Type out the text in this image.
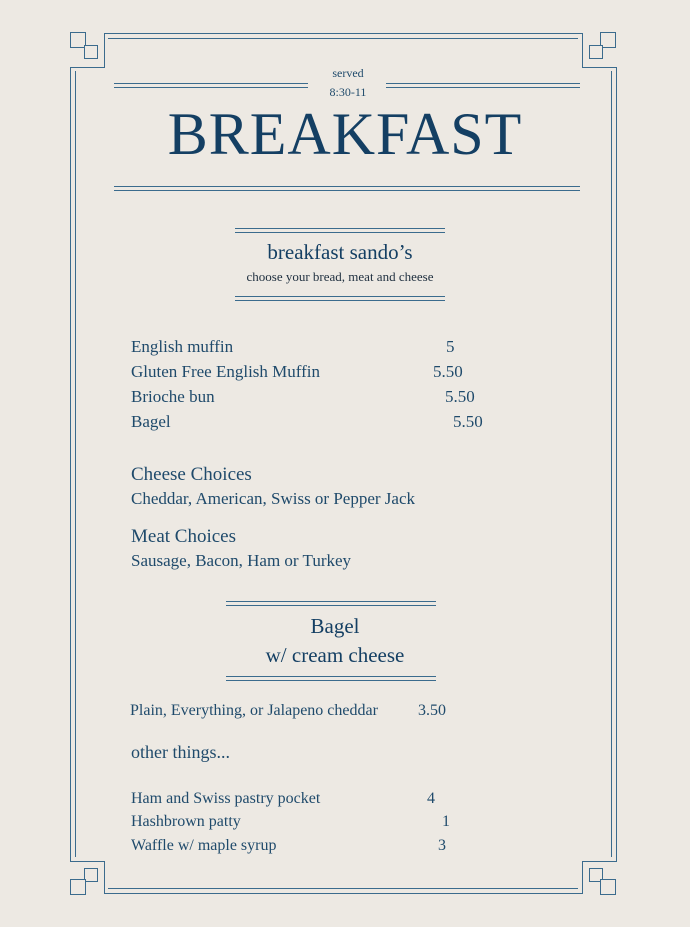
served
8:30-11
BREAKFAST
breakfast sando’s
choose your bread, meat and cheese
English muffin	5
Gluten Free English Muffin	5.50
Brioche bun	5.50
Bagel	5.50
Cheese Choices
Cheddar, American, Swiss or Pepper Jack
Meat Choices
Sausage, Bacon, Ham or Turkey
Bagel
w/ cream cheese
Plain, Everything, or Jalapeno cheddar	3.50
other things...
Ham and Swiss pastry pocket	4
Hashbrown patty	1
Waffle w/ maple syrup	3
